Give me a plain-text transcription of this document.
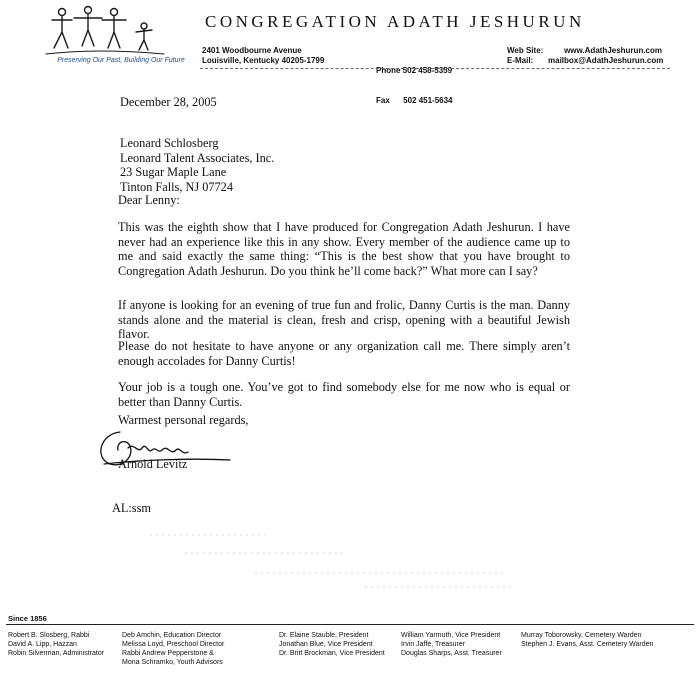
Preserving Our Past, Building Our Future
CONGREGATION ADATH JESHURUN
2401 Woodbourne Avenue
Louisville, Kentucky 40205-1799

Phone 502 458-5359

Fax      502 451-5634

Web Site:
E-Mail:
www.AdathJeshurun.com
mailbox@AdathJeshurun.com
December 28, 2005
Leonard Schlosberg
Leonard Talent Associates, Inc.
23 Sugar Maple Lane
Tinton Falls, NJ 07724
Dear Lenny:
This was the eighth show that I have produced for Congregation Adath Jeshurun. I have never had an experience like this in any show. Every member of the audience came up to me and said exactly the same thing: “This is the best show that you have brought to Congregation Adath Jeshurun. Do you think he’ll come back?” What more can I say?
If anyone is looking for an evening of true fun and frolic, Danny Curtis is the man. Danny stands alone and the material is clean, fresh and crisp, opening with a beautiful Jewish flavor.
Please do not hesitate to have anyone or any organization call me. There simply aren’t enough accolades for Danny Curtis!
Your job is a tough one. You’ve got to find somebody else for me now who is equal or better than Danny Curtis.
Warmest personal regards,
Arnold Levitz
AL:ssm
Since 1856
Robert B. Slosberg, Rabbi
David A. Lipp, Hazzan
Robin Silverman, Administrator
Deb Amchin, Education Director
Melissa Loyd, Preschool Director
Rabbi Andrew Pepperstone &
Mona Schramko, Youth Advisors
Dr. Elaine Stauble, President
Jonathan Blue, Vice President
Dr. Britt Brockman, Vice President
William Yarmuth, Vice President
Irvin Jaffe, Treasurer
Douglas Sharps, Asst. Treasurer
Murray Toborowsky, Cemetery Warden
Stephen J. Evans, Asst. Cemetery Warden
